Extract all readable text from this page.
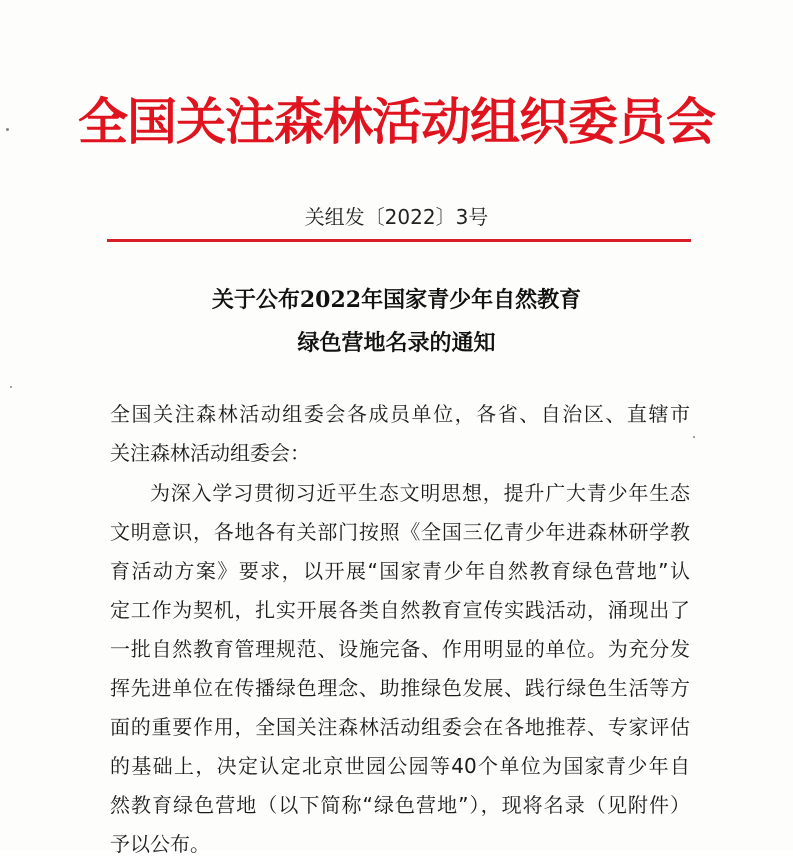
全国关注森林活动组织委员会
关组发〔2022〕3号
关于公布2022年国家青少年自然教育
绿色营地名录的通知
全国关注森林活动组委会各成员单位，各省、自治区、直辖市
关注森林活动组委会：
为深入学习贯彻习近平生态文明思想，提升广大青少年生态
文明意识，各地各有关部门按照《全国三亿青少年进森林研学教
育活动方案》要求，以开展“国家青少年自然教育绿色营地”认
定工作为契机，扎实开展各类自然教育宣传实践活动，涌现出了
一批自然教育管理规范、设施完备、作用明显的单位。为充分发
挥先进单位在传播绿色理念、助推绿色发展、践行绿色生活等方
面的重要作用，全国关注森林活动组委会在各地推荐、专家评估
的基础上，决定认定北京世园公园等40个单位为国家青少年自
然教育绿色营地（以下简称“绿色营地”），现将名录（见附件）
予以公布。
